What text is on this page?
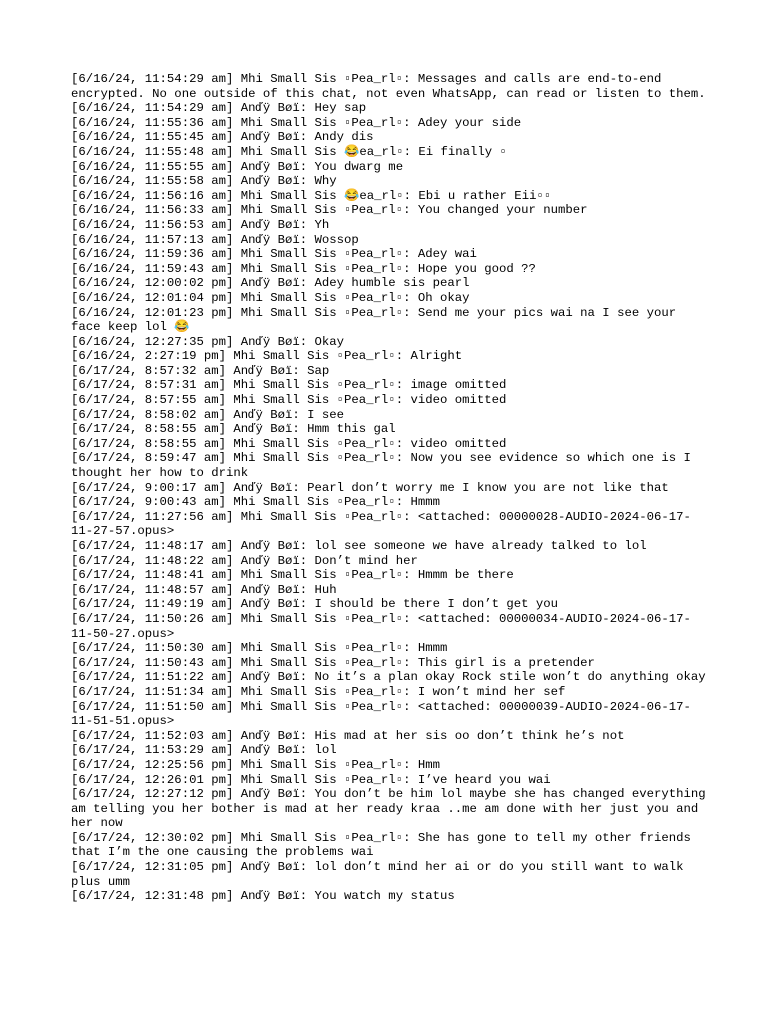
[6/16/24, 11:54:29 am] Mhi Small Sis ▫Pea_rl▫: Messages and calls are end-to-end encrypted. No one outside of this chat, not even WhatsApp, can read or listen to them.

[6/16/24, 11:54:29 am] Anďÿ Bøï: Hey sap

[6/16/24, 11:55:36 am] Mhi Small Sis ▫Pea_rl▫: Adey your side

[6/16/24, 11:55:45 am] Anďÿ Bøï: Andy dis

[6/16/24, 11:55:48 am] Mhi Small Sis 😂ea_rl▫: Ei finally ▫

[6/16/24, 11:55:55 am] Anďÿ Bøï: You dwarg me

[6/16/24, 11:55:58 am] Anďÿ Bøï: Why

[6/16/24, 11:56:16 am] Mhi Small Sis 😂ea_rl▫: Ebi u rather Eii▫▫

[6/16/24, 11:56:33 am] Mhi Small Sis ▫Pea_rl▫: You changed your number

[6/16/24, 11:56:53 am] Anďÿ Bøï: Yh

[6/16/24, 11:57:13 am] Anďÿ Bøï: Wossop

[6/16/24, 11:59:36 am] Mhi Small Sis ▫Pea_rl▫: Adey wai

[6/16/24, 11:59:43 am] Mhi Small Sis ▫Pea_rl▫: Hope you good ??

[6/16/24, 12:00:02 pm] Anďÿ Bøï: Adey humble sis pearl

[6/16/24, 12:01:04 pm] Mhi Small Sis ▫Pea_rl▫: Oh okay

[6/16/24, 12:01:23 pm] Mhi Small Sis ▫Pea_rl▫: Send me your pics wai na I see your face keep lol 😂

[6/16/24, 12:27:35 pm] Anďÿ Bøï: Okay

[6/16/24, 2:27:19 pm] Mhi Small Sis ▫Pea_rl▫: Alright

[6/17/24, 8:57:32 am] Anďÿ Bøï: Sap

[6/17/24, 8:57:31 am] Mhi Small Sis ▫Pea_rl▫: image omitted

[6/17/24, 8:57:55 am] Mhi Small Sis ▫Pea_rl▫: video omitted

[6/17/24, 8:58:02 am] Anďÿ Bøï: I see

[6/17/24, 8:58:55 am] Anďÿ Bøï: Hmm this gal

[6/17/24, 8:58:55 am] Mhi Small Sis ▫Pea_rl▫: video omitted

[6/17/24, 8:59:47 am] Mhi Small Sis ▫Pea_rl▫: Now you see evidence so which one is I thought her how to drink

[6/17/24, 9:00:17 am] Anďÿ Bøï: Pearl don’t worry me I know you are not like that

[6/17/24, 9:00:43 am] Mhi Small Sis ▫Pea_rl▫: Hmmm

[6/17/24, 11:27:56 am] Mhi Small Sis ▫Pea_rl▫: <attached: 00000028-AUDIO-2024-06-17-11-27-57.opus>

[6/17/24, 11:48:17 am] Anďÿ Bøï: lol see someone we have already talked to lol

[6/17/24, 11:48:22 am] Anďÿ Bøï: Don’t mind her

[6/17/24, 11:48:41 am] Mhi Small Sis ▫Pea_rl▫: Hmmm be there

[6/17/24, 11:48:57 am] Anďÿ Bøï: Huh

[6/17/24, 11:49:19 am] Anďÿ Bøï: I should be there I don’t get you

[6/17/24, 11:50:26 am] Mhi Small Sis ▫Pea_rl▫: <attached: 00000034-AUDIO-2024-06-17-11-50-27.opus>

[6/17/24, 11:50:30 am] Mhi Small Sis ▫Pea_rl▫: Hmmm

[6/17/24, 11:50:43 am] Mhi Small Sis ▫Pea_rl▫: This girl is a pretender

[6/17/24, 11:51:22 am] Anďÿ Bøï: No it’s a plan okay Rock stile won’t do anything okay

[6/17/24, 11:51:34 am] Mhi Small Sis ▫Pea_rl▫: I won’t mind her sef

[6/17/24, 11:51:50 am] Mhi Small Sis ▫Pea_rl▫: <attached: 00000039-AUDIO-2024-06-17-11-51-51.opus>

[6/17/24, 11:52:03 am] Anďÿ Bøï: His mad at her sis oo don’t think he’s not

[6/17/24, 11:53:29 am] Anďÿ Bøï: lol

[6/17/24, 12:25:56 pm] Mhi Small Sis ▫Pea_rl▫: Hmm

[6/17/24, 12:26:01 pm] Mhi Small Sis ▫Pea_rl▫: I’ve heard you wai

[6/17/24, 12:27:12 pm] Anďÿ Bøï: You don’t be him lol maybe she has changed everything am telling you her bother is mad at her ready kraa ..me am done with her just you and her now

[6/17/24, 12:30:02 pm] Mhi Small Sis ▫Pea_rl▫: She has gone to tell my other friends that I’m the one causing the problems wai

[6/17/24, 12:31:05 pm] Anďÿ Bøï: lol don’t mind her ai or do you still want to walk plus umm

[6/17/24, 12:31:48 pm] Anďÿ Bøï: You watch my status
